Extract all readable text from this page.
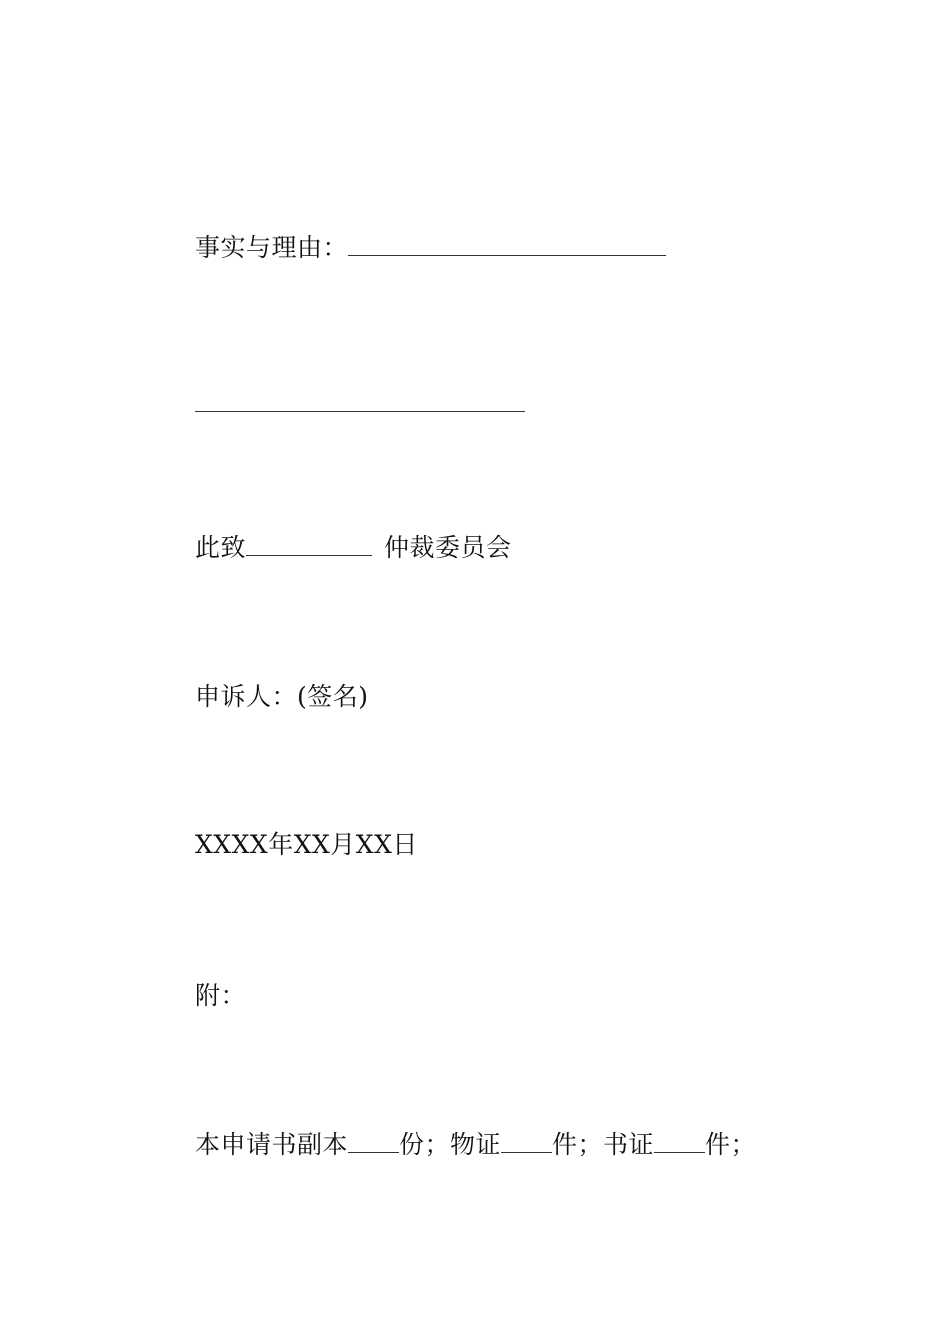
事实与理由：
此致	仲裁委员会
申诉人：(签名)
XXXX年XX月XX日
附：
本申请书副本 份；物证 件；书证 件；
